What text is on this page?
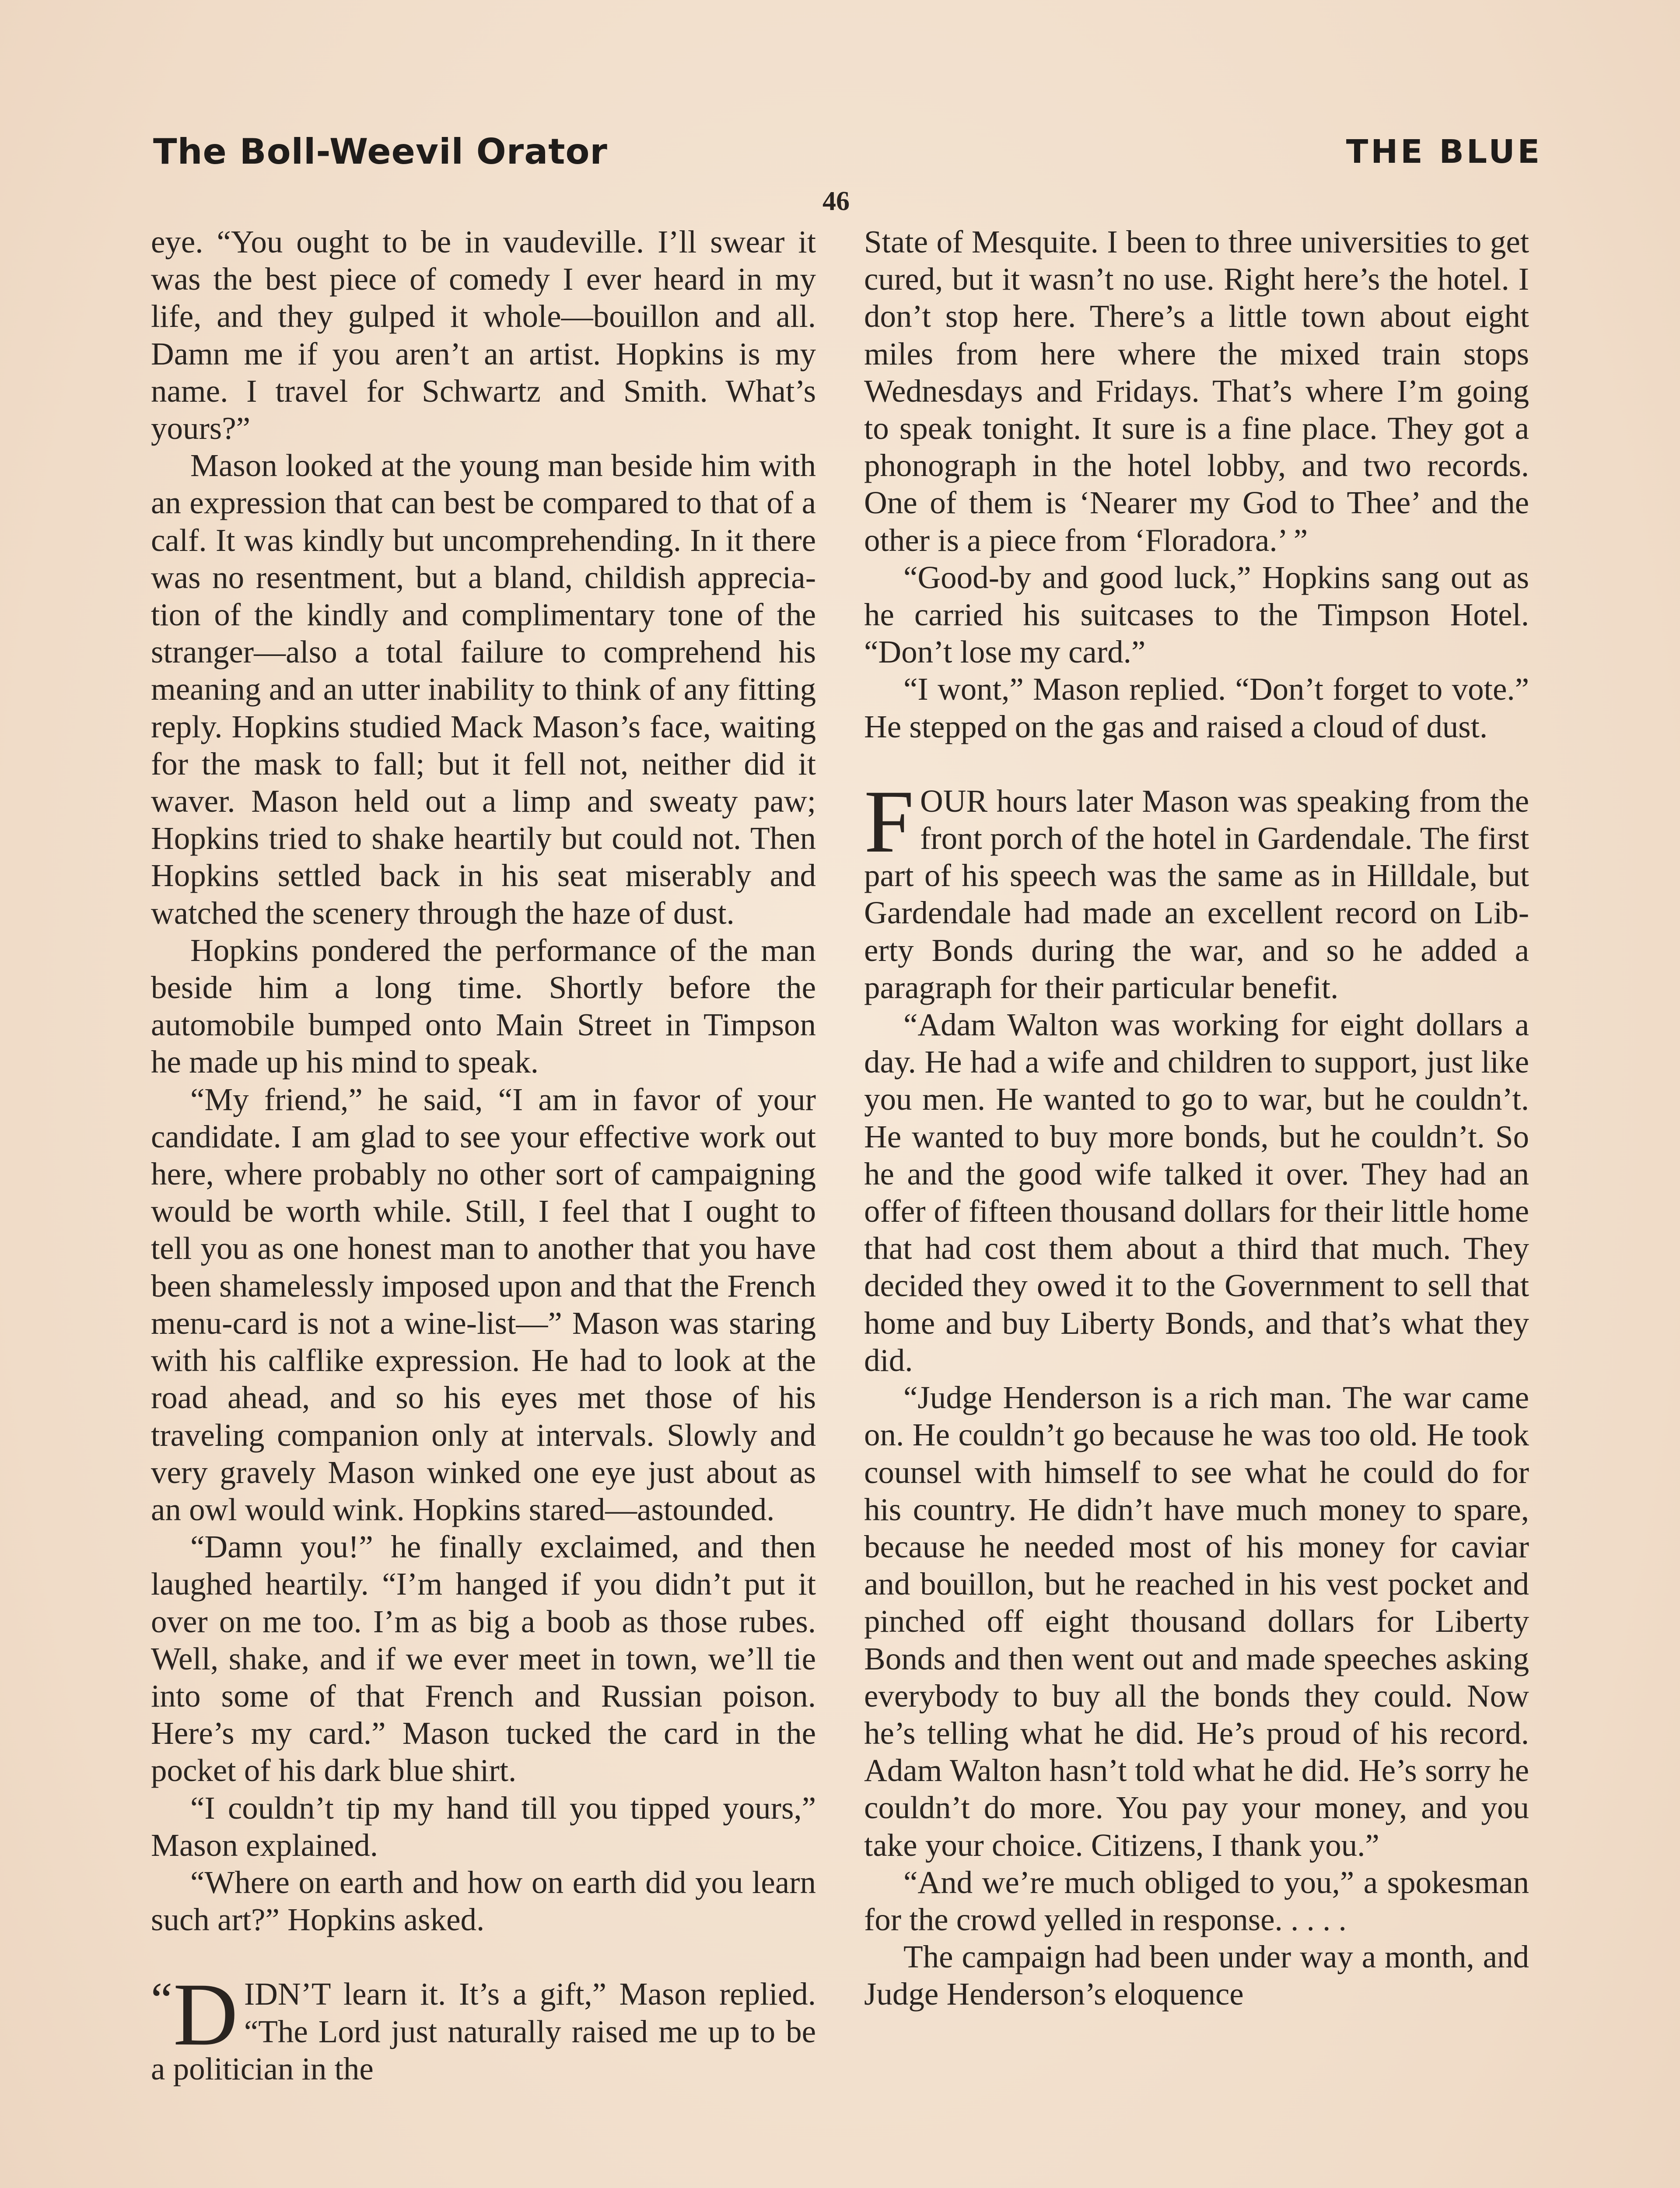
The Boll-Weevil Orator	THE BLUE
46

eye. “You ought to be in vaudeville. I’ll swear it was the best piece of comedy I ever heard in my life, and they gulped it whole—bouillon and all. Damn me if you aren’t an artist. Hopkins is my name. I travel for Schwartz and Smith. What’s yours?”

Mason looked at the young man beside him with an expression that can best be compared to that of a calf. It was kindly but uncomprehending. In it there was no resentment, but a bland, childish appreciation of the kindly and complimentary tone of the stranger—also a total failure to comprehend his meaning and an utter inability to think of any fitting reply. Hopkins studied Mack Mason’s face, waiting for the mask to fall; but it fell not, neither did it waver. Mason held out a limp and sweaty paw; Hopkins tried to shake heartily but could not. Then Hopkins settled back in his seat miserably and watched the scenery through the haze of dust.

Hopkins pondered the performance of the man beside him a long time. Shortly before the automobile bumped onto Main Street in Timpson he made up his mind to speak.

“My friend,” he said, “I am in favor of your candidate. I am glad to see your effective work out here, where probably no other sort of campaigning would be worth while. Still, I feel that I ought to tell you as one honest man to another that you have been shamelessly imposed upon and that the French menu-card is not a wine-list—” Mason was staring with his calflike expression. He had to look at the road ahead, and so his eyes met those of his traveling companion only at intervals. Slowly and very gravely Mason winked one eye just about as an owl would wink. Hopkins stared—astounded.

“Damn you!” he finally exclaimed, and then laughed heartily. “I’m hanged if you didn’t put it over on me too. I’m as big a boob as those rubes. Well, shake, and if we ever meet in town, we’ll tie into some of that French and Russian poison. Here’s my card.” Mason tucked the card in the pocket of his dark blue shirt.

“I couldn’t tip my hand till you tipped yours,” Mason explained.

“Where on earth and how on earth did you learn such art?” Hopkins asked.

“ D IDN’T learn it. It’s a gift,” Mason replied. “The Lord just naturally raised me up to be a politician in the

State of Mesquite. I been to three universities to get cured, but it wasn’t no use. Right here’s the hotel. I don’t stop here. There’s a little town about eight miles from here where the mixed train stops Wednesdays and Fridays. That’s where I’m going to speak tonight. It sure is a fine place. They got a phonograph in the hotel lobby, and two records. One of them is ‘Nearer my God to Thee’ and the other is a piece from ‘Floradora.’ ”

“Good-by and good luck,” Hopkins sang out as he carried his suitcases to the Timpson Hotel. “Don’t lose my card.”

“I wont,” Mason replied. “Don’t forget to vote.” He stepped on the gas and raised a cloud of dust.

FOUR hours later Mason was speaking from the front porch of the hotel in Gardendale. The first part of his speech was the same as in Hilldale, but Gardendale had made an excellent record on Liberty Bonds during the war, and so he added a paragraph for their particular benefit.

“Adam Walton was working for eight dollars a day. He had a wife and children to support, just like you men. He wanted to go to war, but he couldn’t. He wanted to buy more bonds, but he couldn’t. So he and the good wife talked it over. They had an offer of fifteen thousand dollars for their little home that had cost them about a third that much. They decided they owed it to the Government to sell that home and buy Liberty Bonds, and that’s what they did.

“Judge Henderson is a rich man. The war came on. He couldn’t go because he was too old. He took counsel with himself to see what he could do for his country. He didn’t have much money to spare, because he needed most of his money for caviar and bouillon, but he reached in his vest pocket and pinched off eight thousand dollars for Liberty Bonds and then went out and made speeches asking everybody to buy all the bonds they could. Now he’s telling what he did. He’s proud of his record. Adam Walton hasn’t told what he did. He’s sorry he couldn’t do more. You pay your money, and you take your choice. Citizens, I thank you.”

“And we’re much obliged to you,” a spokesman for the crowd yelled in response. . . . .

The campaign had been under way a month, and Judge Henderson’s eloquence
